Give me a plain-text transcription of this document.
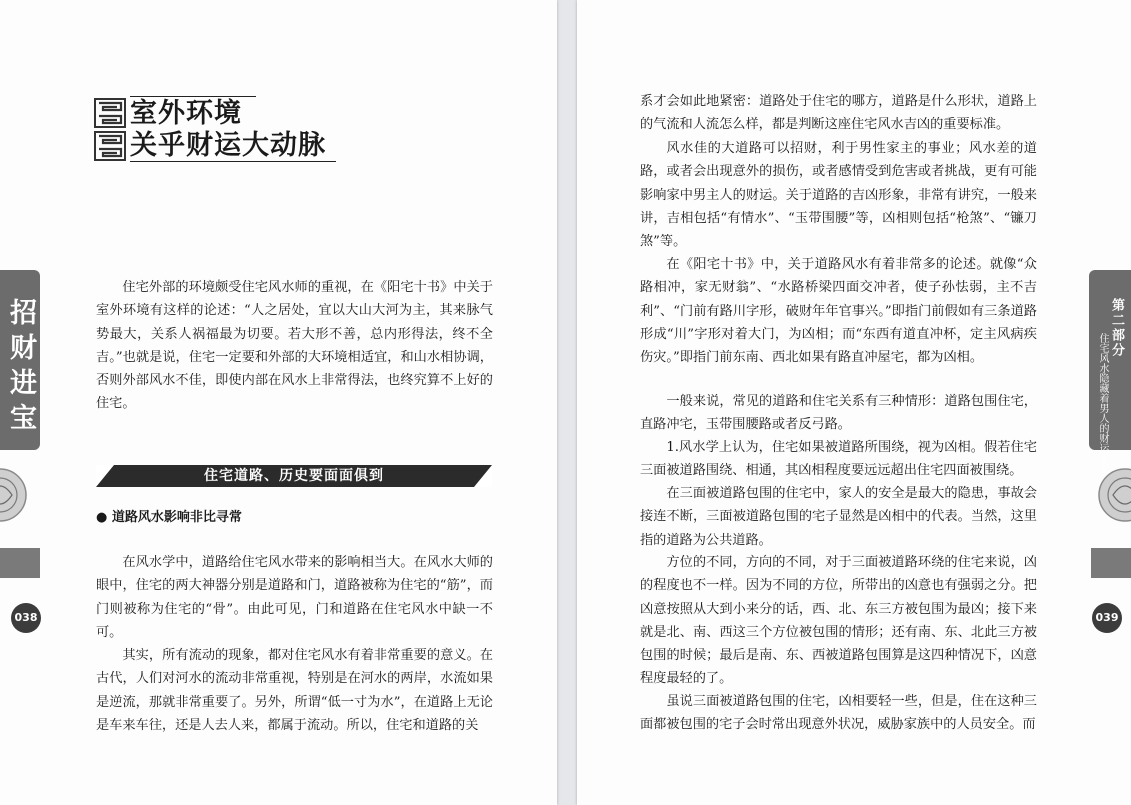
室外环境
关乎财运大动脉
招财进宝
038

住宅外部的环境颇受住宅风水师的重视，在《阳宅十书》中关于室外环境有这样的论述：“人之居处，宜以大山大河为主，其来脉气势最大，关系人祸福最为切要。若大形不善，总内形得法，终不全吉。”也就是说，住宅一定要和外部的大环境相适宜，和山水相协调，否则外部风水不佳，即使内部在风水上非常得法，也终究算不上好的住宅。

住宅道路、历史要面面俱到
● 道路风水影响非比寻常

在风水学中，道路给住宅风水带来的影响相当大。在风水大师的眼中，住宅的两大神器分别是道路和门，道路被称为住宅的“筋”，而门则被称为住宅的“骨”。由此可见，门和道路在住宅风水中缺一不可。

其实，所有流动的现象，都对住宅风水有着非常重要的意义。在古代，人们对河水的流动非常重视，特别是在河水的两岸，水流如果是逆流，那就非常重要了。另外，所谓“低一寸为水”，在道路上无论是车来车往，还是人去人来，都属于流动。所以，住宅和道路的关

系才会如此地紧密：道路处于住宅的哪方，道路是什么形状，道路上的气流和人流怎么样，都是判断这座住宅风水吉凶的重要标准。

风水佳的大道路可以招财，利于男性家主的事业；风水差的道路，或者会出现意外的损伤，或者感情受到危害或者挑战，更有可能影响家中男主人的财运。关于道路的吉凶形象，非常有讲究，一般来讲，吉相包括“有情水”、“玉带围腰”等，凶相则包括“枪煞”、“镰刀煞”等。

在《阳宅十书》中，关于道路风水有着非常多的论述。就像“众路相冲，家无财翁”、“水路桥梁四面交冲者，使子孙怯弱，主不吉利”、“门前有路川字形，破财年年官事兴。”即指门前假如有三条道路形成“川”字形对着大门，为凶相；而“东西有道直冲杯，定主风病疾伤灾。”即指门前东南、西北如果有路直冲屋宅，都为凶相。

一般来说，常见的道路和住宅关系有三种情形：道路包围住宅，直路冲宅，玉带围腰路或者反弓路。

1.风水学上认为，住宅如果被道路所围绕，视为凶相。假若住宅三面被道路围绕、相通，其凶相程度要远远超出住宅四面被围绕。

在三面被道路包围的住宅中，家人的安全是最大的隐患，事故会接连不断，三面被道路包围的宅子显然是凶相中的代表。当然，这里指的道路为公共道路。

方位的不同，方向的不同，对于三面被道路环绕的住宅来说，凶的程度也不一样。因为不同的方位，所带出的凶意也有强弱之分。把凶意按照从大到小来分的话，西、北、东三方被包围为最凶；接下来就是北、南、西这三个方位被包围的情形；还有南、东、北此三方被包围的时候；最后是南、东、西被道路包围算是这四种情况下，凶意程度最轻的了。

虽说三面被道路包围的住宅，凶相要轻一些，但是，住在这种三面都被包围的宅子会时常出现意外状况，威胁家族中的人员安全。而

第二部分
住宅风水隐藏着男人的财运机密
039
